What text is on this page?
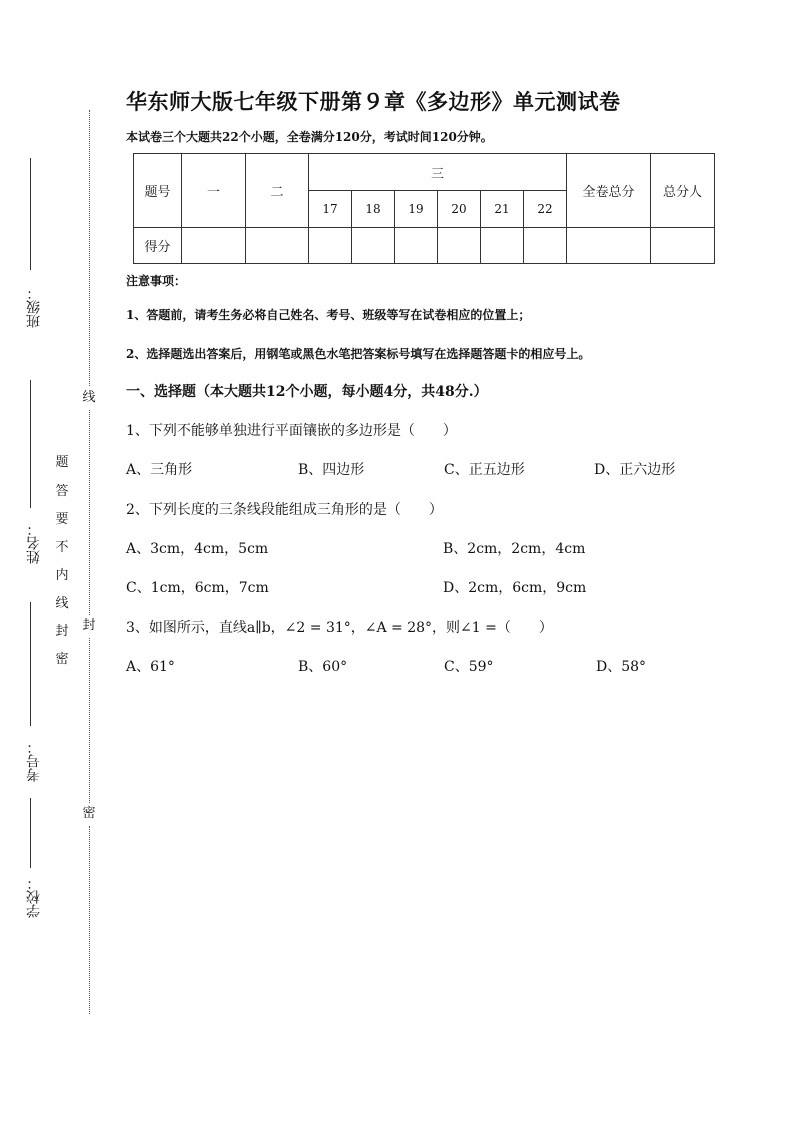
班级：
姓名：
考号：
学校：
题
答
要
不
内
线
封
密
线
封
密
华东师大版七年级下册第９章《多边形》单元测试卷
本试卷三个大题共22个小题，全卷满分120分，考试时间120分钟。
题号	一	二	三						全卷总分	总分人
			17	18	19	20	21	22		
得分										
注意事项：
1、答题前，请考生务必将自己姓名、考号、班级等写在试卷相应的位置上；
2、选择题选出答案后，用钢笔或黑色水笔把答案标号填写在选择题答题卡的相应号上。
一、选择题（本大题共12个小题，每小题4分，共48分.）
1、下列不能够单独进行平面镶嵌的多边形是（　　）
A、三角形	B、四边形	C、正五边形	D、正六边形
2、下列长度的三条线段能组成三角形的是（　　）
A、3cm，4cm，5cm	B、2cm，2cm，4cm
C、1cm，6cm，7cm	D、2cm，6cm，9cm
3、如图所示，直线a∥b，∠2 = 31°，∠A = 28°，则∠1 =（　　）
A、61°	B、60°	C、59°	D、58°
